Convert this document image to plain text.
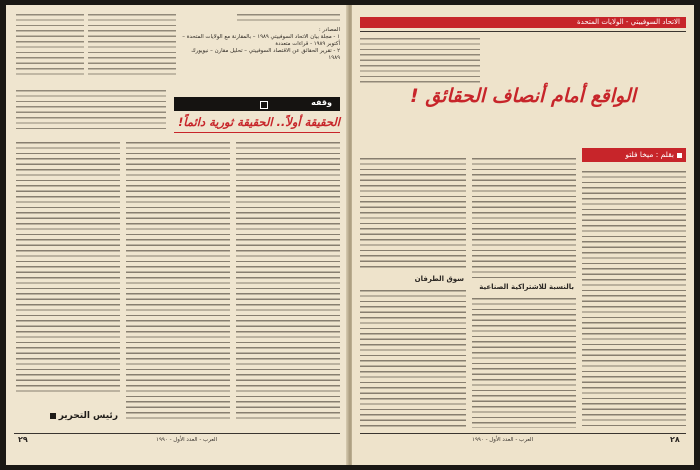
المصادر :
١ - مجلة بيان الاتحاد السوفييتي ١٩٨٩ – بالمقارنة مع الولايات المتحدة – أكتوبر ١٩٨٩ - قراءات متعددة
٢ - تقرير الحقائق عن الاقتصاد السوفييتي – تحليل مقارن – نيويورك ١٩٨٩
وقفه
الحقيقة أولاً.. الحقيقة ثورية دائماً!
رئيس التحرير
العرب - العدد الأول - ١٩٩٠
٢٩
الاتحاد السوفييتي - الولايات المتحدة
الواقع أمام أنصاف الحقائق !
بقلم : ميخا فلتو
بالنسبة للاشتراكية الصناعية
سوق الطرفان
العرب - العدد الأول - ١٩٩٠	٢٨
